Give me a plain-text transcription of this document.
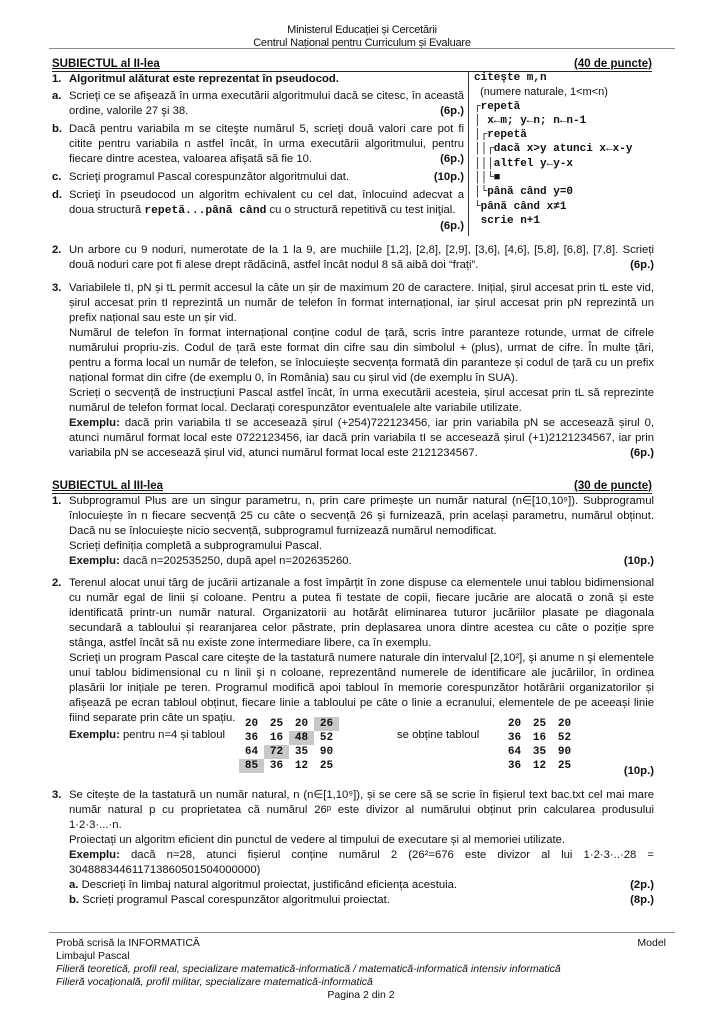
Ministerul Educației și Cercetării
Centrul Național pentru Curriculum și Evaluare
SUBIECTUL al II-lea	(40 de puncte)
1. Algoritmul alăturat este reprezentat în pseudocod.
a. Scrieţi ce se afişează în urma executării algoritmului dacă se citesc, în această ordine, valorile 27 şi 38.	(6p.)
b. Dacă pentru variabila m se citeşte numărul 5, scrieţi două valori care pot fi citite pentru variabila n astfel încât, în urma executării algoritmului, pentru fiecare dintre acestea, valoarea afişată să fie 10.	(6p.)
c. Scrieţi programul Pascal corespunzător algoritmului dat.	(10p.)
d. Scrieţi în pseudocod un algoritm echivalent cu cel dat, înlocuind adecvat a doua structură repetă...până când cu o structură repetitivă cu test iniţial.
(6p.)
citeşte m,n
(numere naturale, 1<m<n)
┌repetă
│ x←m; y←n; n←n-1
│┌repetă
││┌dacă x>y atunci x←x-y
│││altfel y←y-x
││└■
│└până când y=0
└până când x≠1
scrie n+1
2. Un arbore cu 9 noduri, numerotate de la 1 la 9, are muchiile [1,2], [2,8], [2,9], [3,6], [4,6], [5,8], [6,8], [7,8]. Scrieți două noduri care pot fi alese drept rădăcină, astfel încât nodul 8 să aibă doi “frați”.	(6p.)
3. Variabilele tI, pN și tL permit accesul la câte un șir de maximum 20 de caractere. Inițial, șirul accesat prin tL este vid, șirul accesat prin tI reprezintă un număr de telefon în format internațional, iar șirul accesat prin pN reprezintă un prefix național sau este un șir vid.
Numărul de telefon în format internațional conține codul de țară, scris între paranteze rotunde, urmat de cifrele numărului propriu-zis. Codul de țară este format din cifre sau din simbolul + (plus), urmat de cifre. În multe țări, pentru a forma local un număr de telefon, se înlocuiește secvența formată din paranteze și codul de țară cu un prefix național format din cifre (de exemplu 0, în România) sau cu șirul vid (de exemplu în SUA).
Scrieți o secvență de instrucțiuni Pascal astfel încât, în urma executării acesteia, șirul accesat prin tL să reprezinte numărul de telefon format local. Declarați corespunzător eventualele alte variabile utilizate.
Exemplu: dacă prin variabila tI se accesează șirul (+254)722123456, iar prin variabila pN se accesează șirul 0, atunci numărul format local este 0722123456, iar dacă prin variabila tI se accesează șirul (+1)2121234567, iar prin variabila pN se accesează șirul vid, atunci numărul format local este 2121234567.	(6p.)
SUBIECTUL al III-lea	(30 de puncte)
1. Subprogramul Plus are un singur parametru, n, prin care primește un număr natural (n∈[10,10⁹]). Subprogramul înlocuiește în n fiecare secvență 25 cu câte o secvență 26 și furnizează, prin același parametru, numărul obținut. Dacă nu se înlocuiește nicio secvență, subprogramul furnizează numărul nemodificat.
Scrieți definiția completă a subprogramului Pascal.
Exemplu: dacă n=202535250, după apel n=202635260.	(10p.)
2. Terenul alocat unui târg de jucării artizanale a fost împărțit în zone dispuse ca elementele unui tablou bidimensional cu număr egal de linii și coloane. Pentru a putea fi testate de copii, fiecare jucărie are alocată o zonă și este identificată printr-un număr natural. Organizatorii au hotărât eliminarea tuturor jucăriilor plasate pe diagonala secundară a tabloului și rearanjarea celor păstrate, prin deplasarea unora dintre acestea cu câte o poziție spre stânga, astfel încât să nu existe zone intermediare libere, ca în exemplu.
Scrieţi un program Pascal care citeşte de la tastatură numere naturale din intervalul [2,10²], şi anume n şi elementele unui tablou bidimensional cu n linii şi n coloane, reprezentând numerele de identificare ale jucăriilor, în ordinea plasării lor inițiale pe teren. Programul modifică apoi tabloul în memorie corespunzător hotărârii organizatorilor și afișează pe ecran tabloul obținut, fiecare linie a tabloului pe câte o linie a ecranului, elementele de pe aceeași linie fiind separate prin câte un spațiu.
Exemplu: pentru n=4 și tabloul
20	25	20	26
36	16	48	52
64	72	35	90
85	36	12	25
se obține tabloul
20	25	20
36	16	52
64	35	90
36	12	25	(10p.)
3. Se citește de la tastatură un număr natural, n (n∈[1,10⁹]), și se cere să se scrie în fișierul text bac.txt cel mai mare număr natural p cu proprietatea că numărul 26ᵖ este divizor al numărului obținut prin calcularea produsului 1·2·3·...·n.
Proiectați un algoritm eficient din punctul de vedere al timpului de executare și al memoriei utilizate.
Exemplu: dacă n=28, atunci fișierul conține numărul 2 (26²=676 este divizor al lui 1·2·3·..·28 = 304888344611713860501504000000)
a. Descrieți în limbaj natural algoritmul proiectat, justificând eficiența acestuia.	(2p.)
b. Scrieți programul Pascal corespunzător algoritmului proiectat.	(8p.)
Probă scrisă la INFORMATICĂ	Model
Limbajul Pascal
Filieră teoretică, profil real, specializare matematică-informatică / matematică-informatică intensiv informatică
Filieră vocațională, profil militar, specializare matematică-informatică
Pagina 2 din 2
